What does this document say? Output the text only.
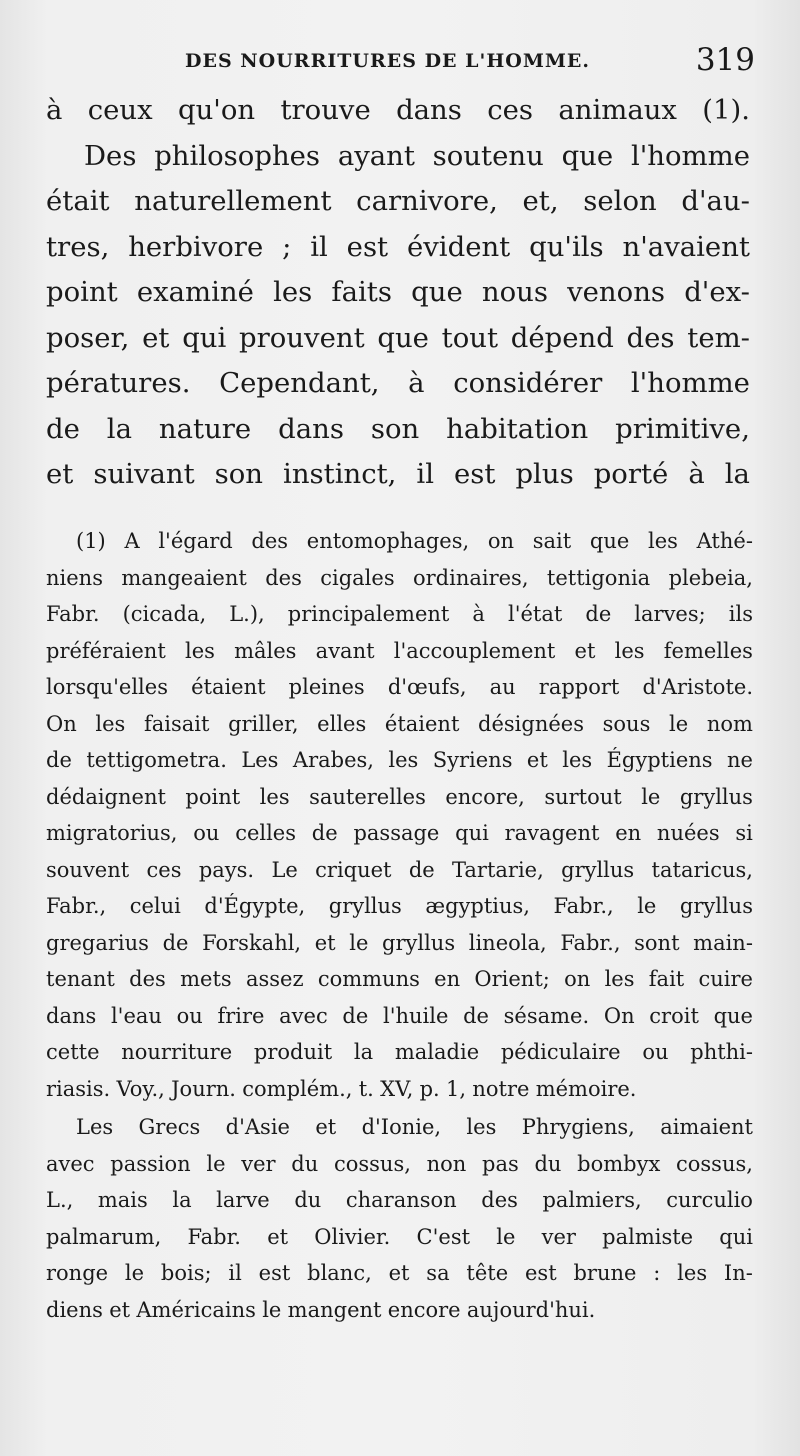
DES NOURRITURES DE L'HOMME.	319
à ceux qu'on trouve dans ces animaux (1).
Des philosophes ayant soutenu que l'homme
était naturellement carnivore, et, selon d'au-
tres, herbivore ; il est évident qu'ils n'avaient
point examiné les faits que nous venons d'ex-
poser, et qui prouvent que tout dépend des tem-
pératures. Cependant, à considérer l'homme
de la nature dans son habitation primitive,
et suivant son instinct, il est plus porté à la
(1) A l'égard des entomophages, on sait que les Athé-
niens mangeaient des cigales ordinaires, tettigonia plebeia,
Fabr. (cicada, L.), principalement à l'état de larves; ils
préféraient les mâles avant l'accouplement et les femelles
lorsqu'elles étaient pleines d'œufs, au rapport d'Aristote.
On les faisait griller, elles étaient désignées sous le nom
de tettigometra. Les Arabes, les Syriens et les Égyptiens ne
dédaignent point les sauterelles encore, surtout le gryllus
migratorius, ou celles de passage qui ravagent en nuées si
souvent ces pays. Le criquet de Tartarie, gryllus tataricus,
Fabr., celui d'Égypte, gryllus ægyptius, Fabr., le gryllus
gregarius de Forskahl, et le gryllus lineola, Fabr., sont main-
tenant des mets assez communs en Orient; on les fait cuire
dans l'eau ou frire avec de l'huile de sésame. On croit que
cette nourriture produit la maladie pédiculaire ou phthi-
riasis. Voy., Journ. complém., t. XV, p. 1, notre mémoire.
Les Grecs d'Asie et d'Ionie, les Phrygiens, aimaient
avec passion le ver du cossus, non pas du bombyx cossus,
L., mais la larve du charanson des palmiers, curculio
palmarum, Fabr. et Olivier. C'est le ver palmiste qui
ronge le bois; il est blanc, et sa tête est brune : les In-
diens et Américains le mangent encore aujourd'hui.
